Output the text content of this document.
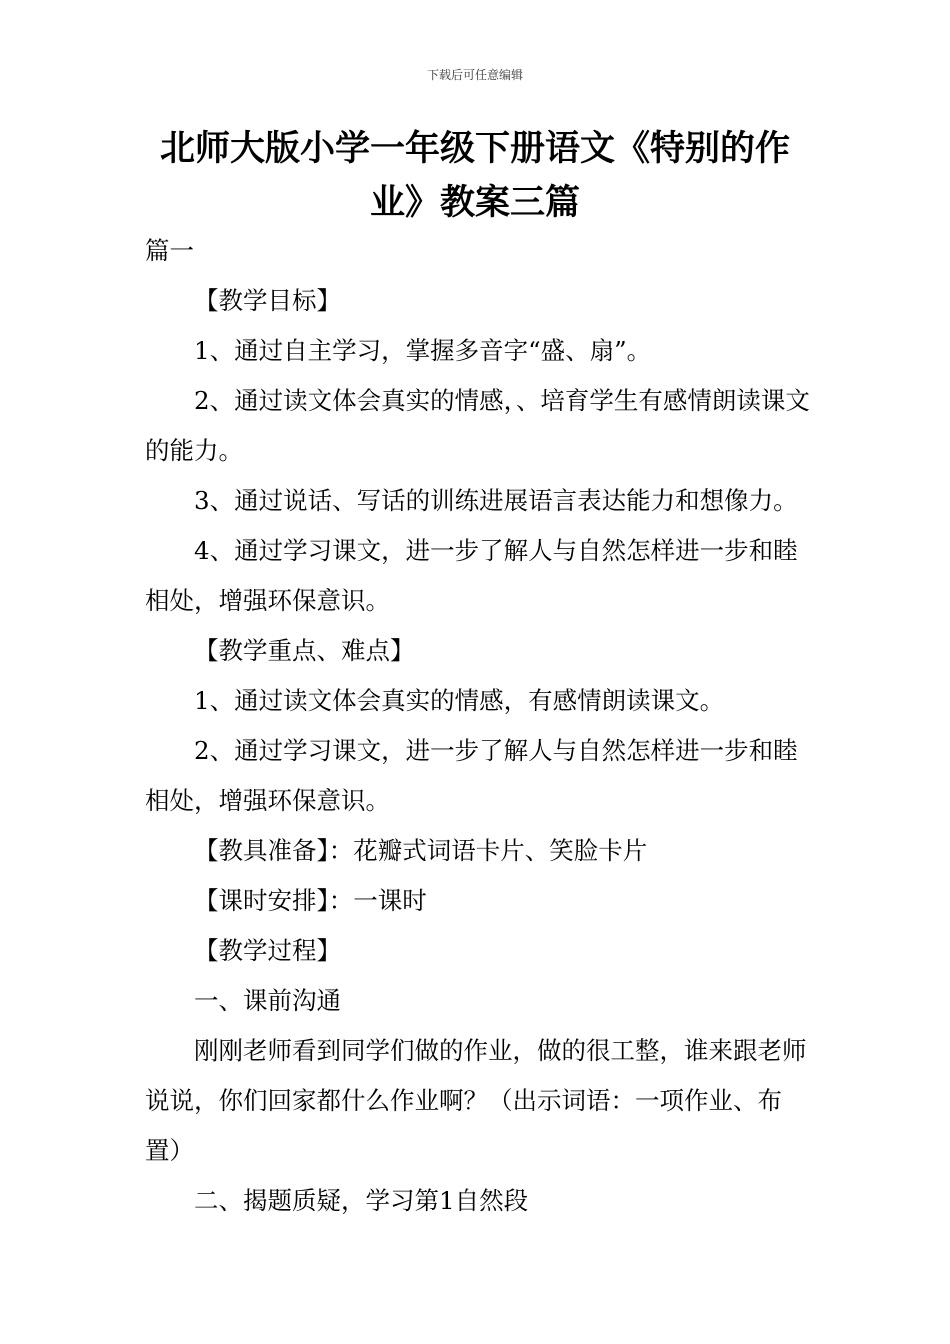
下载后可任意编辑
北师大版小学一年级下册语文《特别的作业》教案三篇

篇一

【教学目标】

1、通过自主学习，掌握多音字“盛、扇”。

2、通过读文体会真实的情感，、培育学生有感情朗读课文的能力。

3、通过说话、写话的训练进展语言表达能力和想像力。

4、通过学习课文，进一步了解人与自然怎样进一步和睦相处，增强环保意识。

【教学重点、难点】

1、通过读文体会真实的情感，有感情朗读课文。

2、通过学习课文，进一步了解人与自然怎样进一步和睦相处，增强环保意识。

【教具准备】：花瓣式词语卡片、笑脸卡片

【课时安排】：一课时

【教学过程】

一、课前沟通

刚刚老师看到同学们做的作业，做的很工整，谁来跟老师说说，你们回家都什么作业啊？（出示词语：一项作业、布置）

二、揭题质疑，学习第1自然段
